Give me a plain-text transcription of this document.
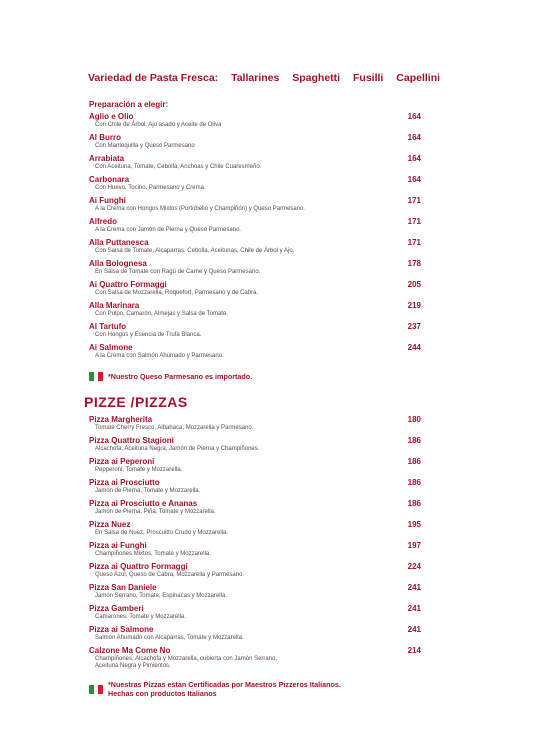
Variedad de Pasta Fresca: Tallarines Spaghetti Fusilli Capellini
Preparación a elegir:
Aglio e Olio
Con Chile de Árbol, Ajo asado y Aceite de Oliva
164
Al Burro
Con Mantequilla y Queso Parmesano
164
Arrabiata
Con Aceituna, Tomate, Cebolla, Anchoas y Chile Cuaresmeño.
164
Carbonara
Con Huevo, Tocino, Parmesano y Crema.
164
Ai Funghi
A la Crema con Hongos Mixtos (Portobello y Champiñón) y Queso Parmesano.
171
Alfredo
A la Crema con Jamón de Pierna y Queso Parmesano.
171
Alla Puttanesca
Con Salsa de Tomate, Alcaparras, Cebolla, Aceitunas, Chile de Árbol y Ajo.
171
Alla Bolognesa
En Salsa de Tomate con Ragú de Carne y Queso Parmesano.
178
Ai Quattro Formaggi
Con Salsa de Mozzarella, Roquefort, Parmesano y de Cabra.
205
Alla Marinara
Con Pulpo, Camarón, Almejas y Salsa de Tomate.
219
Al Tartufo
Con Hongos y Esencia de Trufa Blanca.
237
Ai Salmone
A la Crema con Salmón Ahumado y Parmesano.
244
*Nuestro Queso Parmesano es importado.
PIZZE /PIZZAS
Pizza Margherita
Tomate Cherry Fresco, Albahaca, Mozzarella y Parmesano.
180
Pizza Quattro Stagioni
Alcachofa, Aceituna Negra, Jamón de Pierna y Champiñones.
186
Pizza ai Peperoni
Pepperoni, Tomate y Mozzarella.
186
Pizza ai Prosciutto
Jamón de Pierna, Tomate y Mozzarella.
186
Pizza ai Prosciutto e Ananas
Jamón de Pierna, Piña, Tomate y Mozzarella.
186
Pizza Nuez
En Salsa de Nuez, Proscuitto Crudo y Mozzarella.
195
Pizza ai Funghi
Champiñones Mixtos, Tomate y Mozzarella.
197
Pizza ai Quattro Formaggi
Queso Azul, Queso de Cabra, Mozzarella y Parmesano.
224
Pizza San Daniele
Jamón Serrano, Tomate, Espinacas y Mozzarella.
241
Pizza Gamberi
Camarones, Tomate y Mozzarella.
241
Pizza ai Salmone
Salmón Ahumado con Alcaparras, Tomate y Mozzarella.
241
Calzone Ma Come No
Champiñones, Alcachofa y Mozzarella, cubierta con Jamón Serrano,
Aceituna Negra y Pimientos.
214
*Nuestras Pizzas estan Certificadas por Maestros Pizzeros Italianos.
Hechas con productos Italianos
